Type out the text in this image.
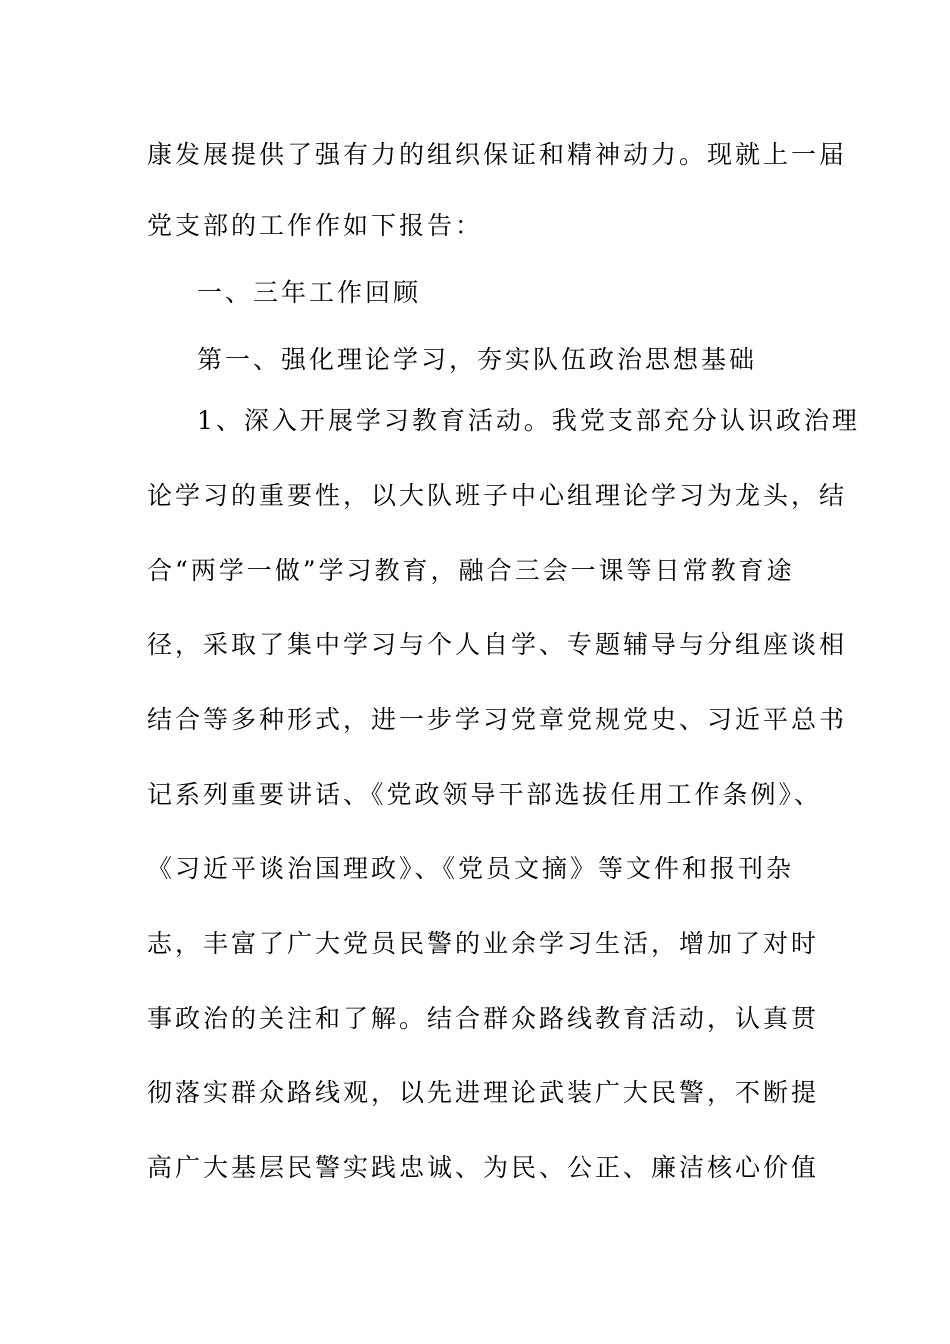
康发展提供了强有力的组织保证和精神动力。现就上一届
党支部的工作作如下报告：
一、三年工作回顾
第一、强化理论学习，夯实队伍政治思想基础
1、深入开展学习教育活动。我党支部充分认识政治理
论学习的重要性，以大队班子中心组理论学习为龙头，结
合“两学一做”学习教育，融合三会一课等日常教育途
径，采取了集中学习与个人自学、专题辅导与分组座谈相
结合等多种形式，进一步学习党章党规党史、习近平总书
记系列重要讲话、《党政领导干部选拔任用工作条例》、
《习近平谈治国理政》、《党员文摘》等文件和报刊杂
志，丰富了广大党员民警的业余学习生活，增加了对时
事政治的关注和了解。结合群众路线教育活动，认真贯
彻落实群众路线观，以先进理论武装广大民警，不断提
高广大基层民警实践忠诚、为民、公正、廉洁核心价值
